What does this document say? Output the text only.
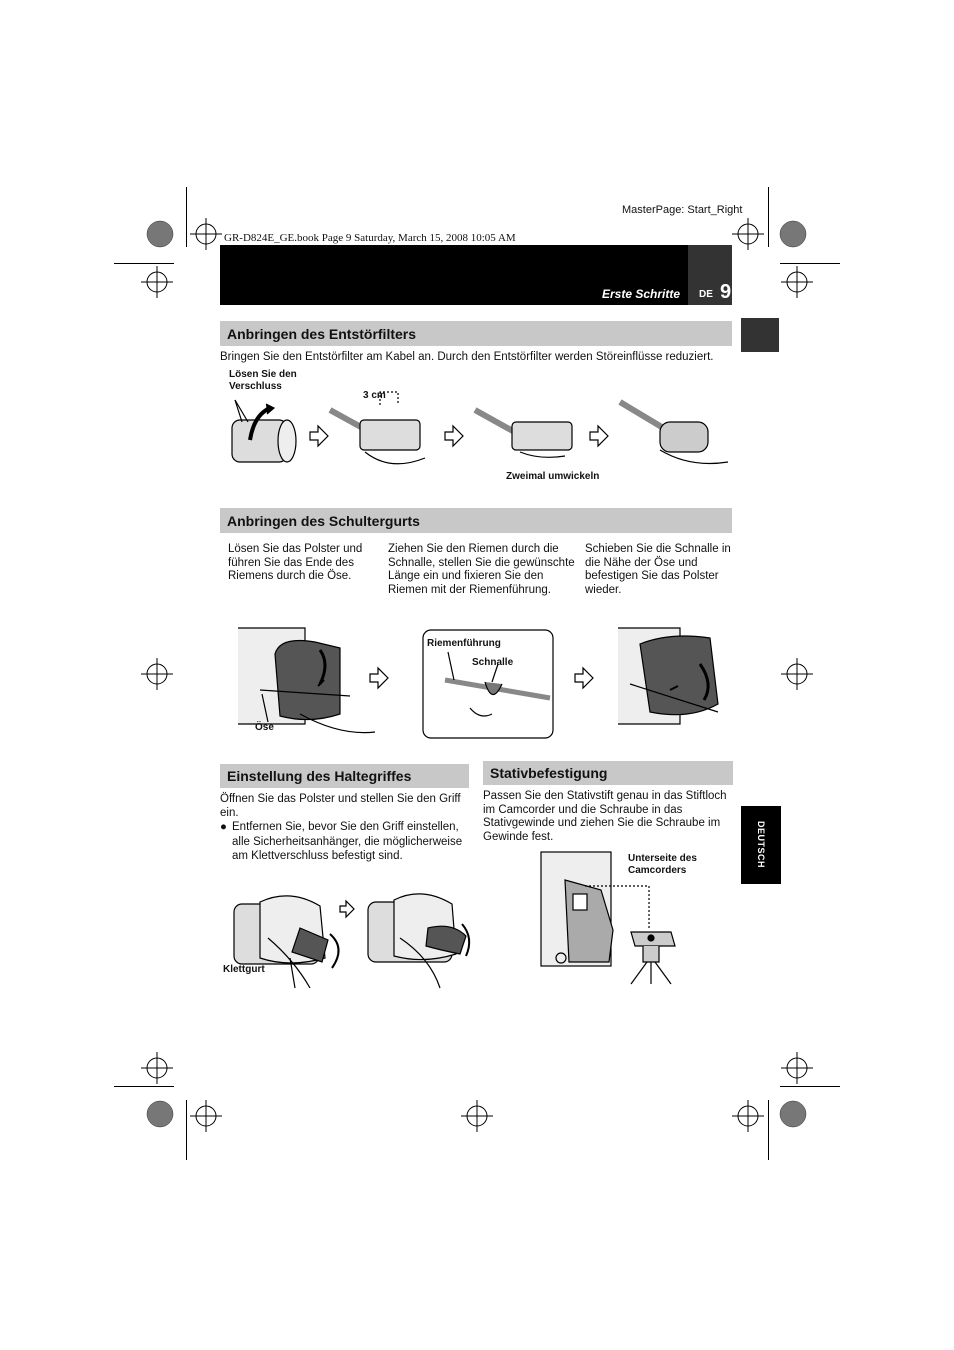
MasterPage: Start_Right
GR-D824E_GE.book Page 9 Saturday, March 15, 2008 10:05 AM
Erste Schritte DE 9
DEUTSCH
Anbringen des Entstörfilters
Bringen Sie den Entstörfilter am Kabel an. Durch den Entstörfilter werden Störeinflüsse reduziert.
Lösen Sie den Verschluss
3 cm
Zweimal umwickeln
Anbringen des Schultergurts
Lösen Sie das Polster und führen Sie das Ende des Riemens durch die Öse.
Ziehen Sie den Riemen durch die Schnalle, stellen Sie die gewünschte Länge ein und fixieren Sie den Riemen mit der Riemenführung.
Schieben Sie die Schnalle in die Nähe der Öse und befestigen Sie das Polster wieder.
Riemenführung
Schnalle
Öse
Einstellung des Haltegriffes
Öffnen Sie das Polster und stellen Sie den Griff ein.
● Entfernen Sie, bevor Sie den Griff einstellen, alle Sicherheitsanhänger, die möglicherweise am Klettverschluss befestigt sind.
Klettgurt
Stativbefestigung
Passen Sie den Stativstift genau in das Stiftloch im Camcorder und die Schraube in das Stativgewinde und ziehen Sie die Schraube im Gewinde fest.
Unterseite des Camcorders
